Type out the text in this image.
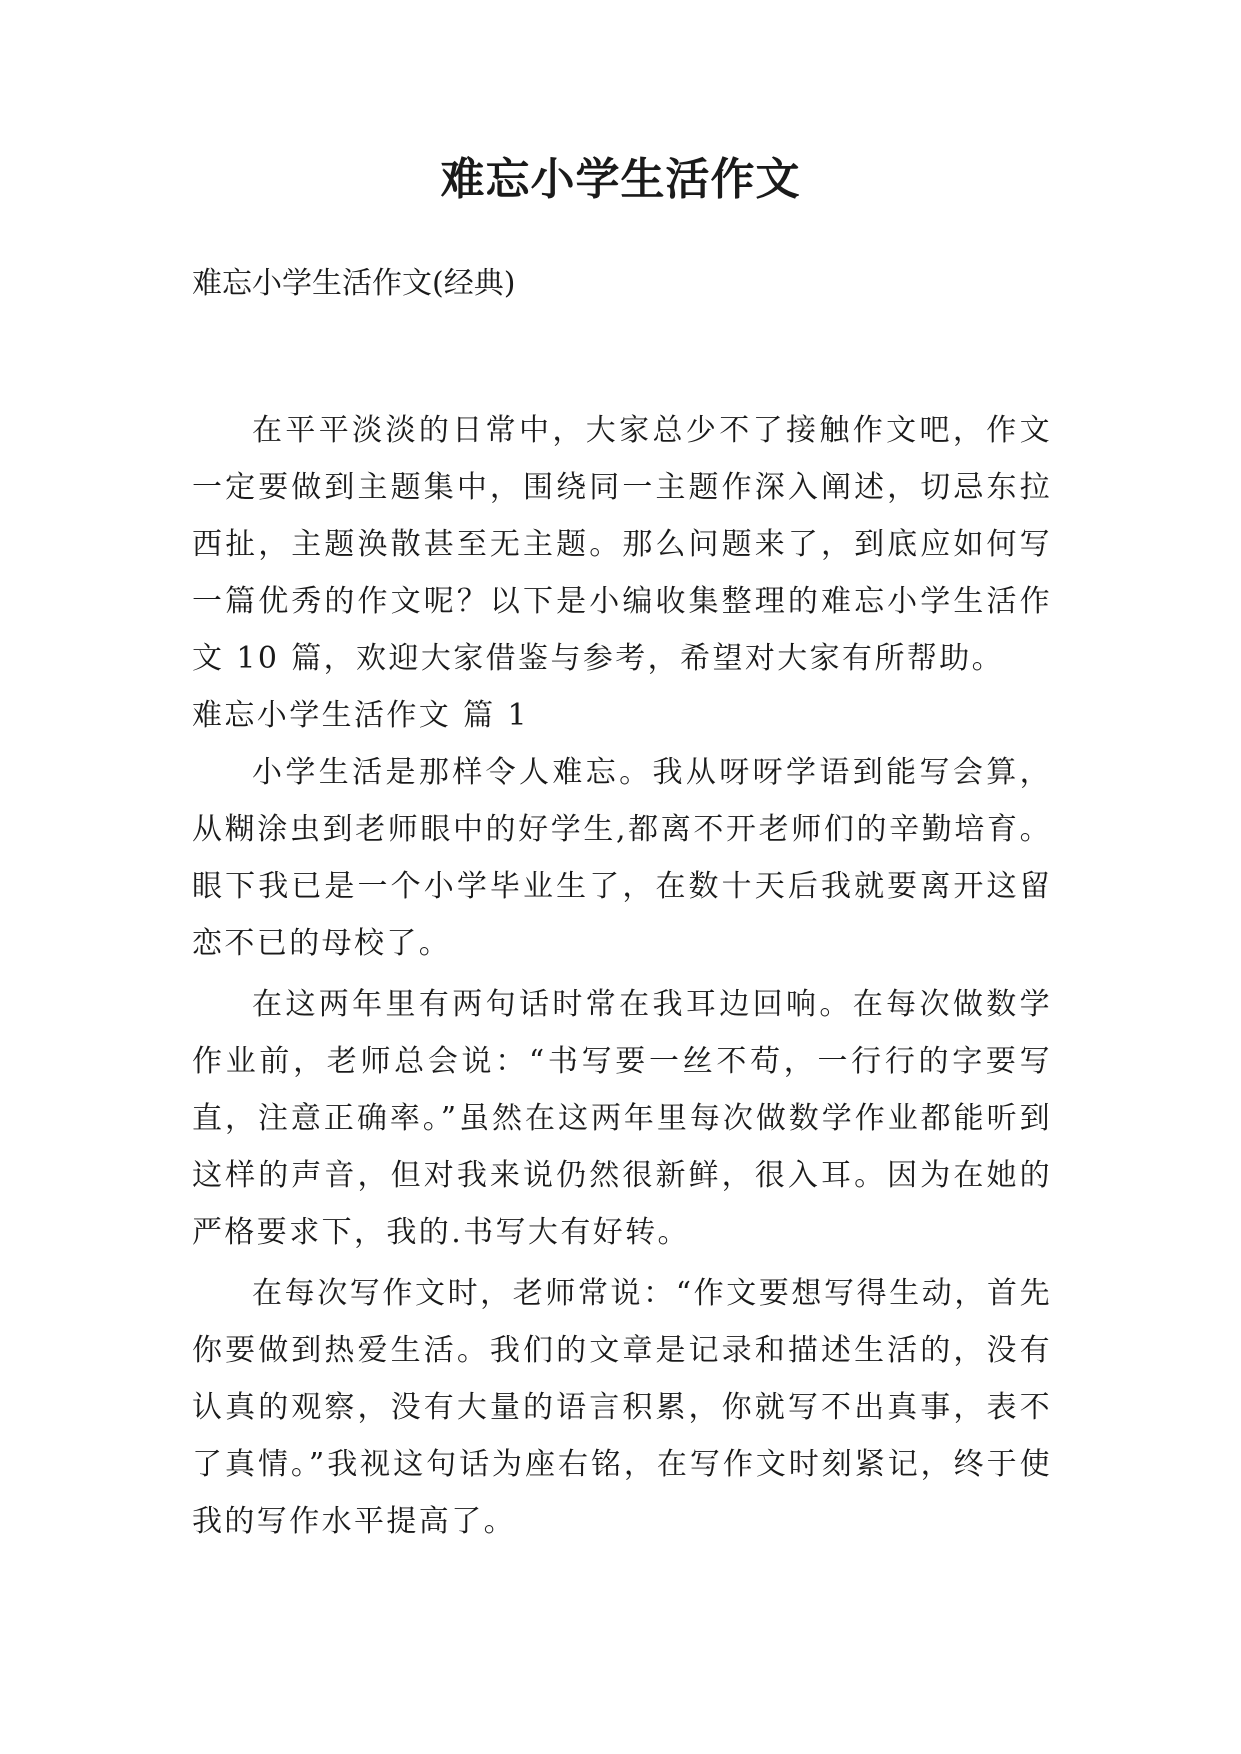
难忘小学生活作文

难忘小学生活作文(经典)

在平平淡淡的日常中，大家总少不了接触作文吧，作文一定要做到主题集中，围绕同一主题作深入阐述，切忌东拉西扯，主题涣散甚至无主题。那么问题来了，到底应如何写一篇优秀的作文呢？以下是小编收集整理的难忘小学生活作文 10 篇，欢迎大家借鉴与参考，希望对大家有所帮助。

难忘小学生活作文 篇 1

小学生活是那样令人难忘。我从呀呀学语到能写会算，从糊涂虫到老师眼中的好学生,都离不开老师们的辛勤培育。眼下我已是一个小学毕业生了，在数十天后我就要离开这留恋不已的母校了。

在这两年里有两句话时常在我耳边回响。在每次做数学作业前，老师总会说：“书写要一丝不苟，一行行的字要写直，注意正确率。”虽然在这两年里每次做数学作业都能听到这样的声音，但对我来说仍然很新鲜，很入耳。因为在她的严格要求下，我的.书写大有好转。

在每次写作文时，老师常说：“作文要想写得生动，首先你要做到热爱生活。我们的文章是记录和描述生活的，没有认真的观察，没有大量的语言积累，你就写不出真事，表不了真情。”我视这句话为座右铭，在写作文时刻紧记，终于使我的写作水平提高了。
